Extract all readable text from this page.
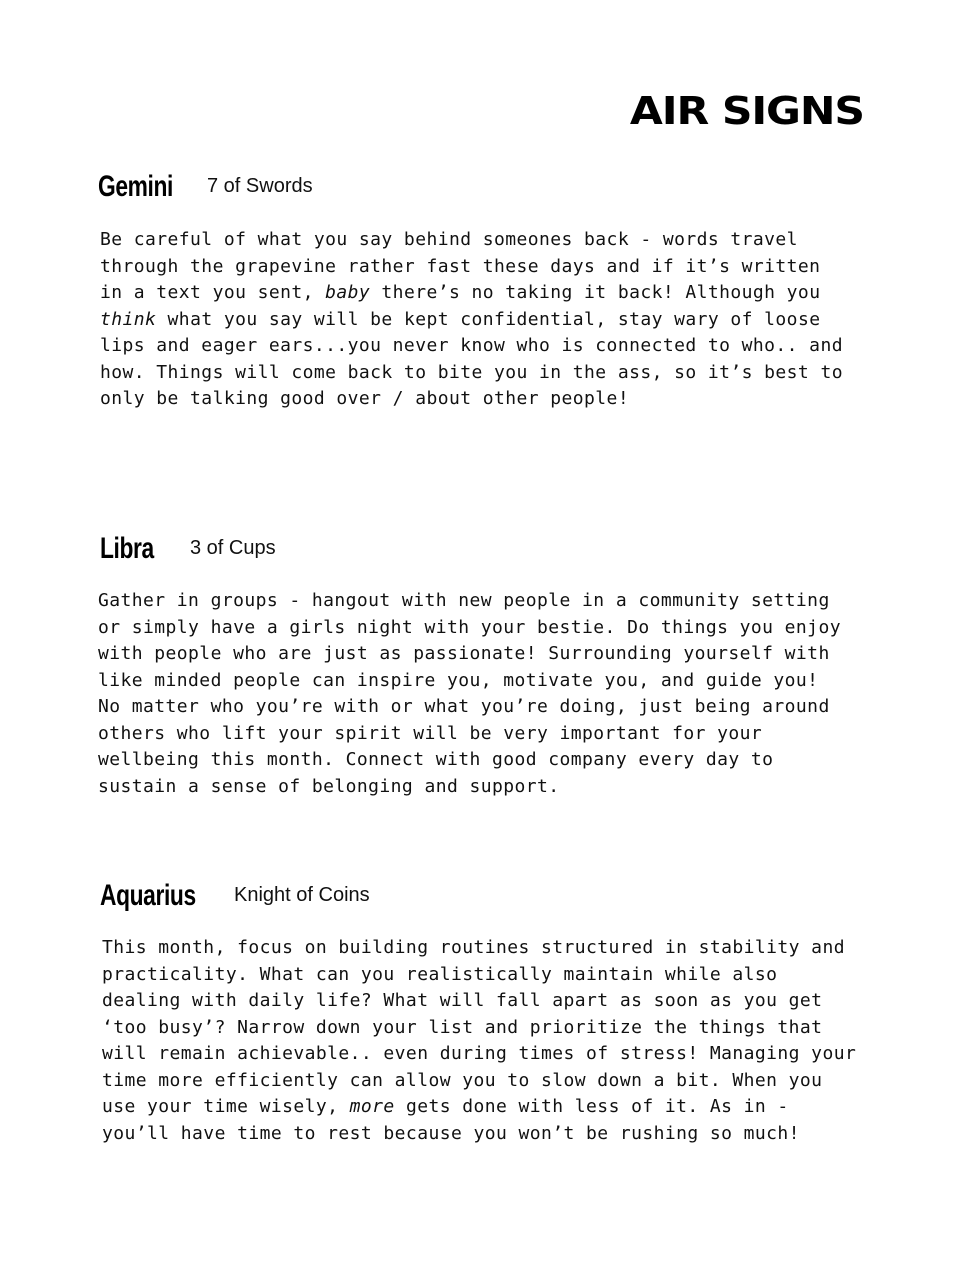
AIR SIGNS
Gemini 7 of Swords
Be careful of what you say behind someones back - words travel
through the grapevine rather fast these days and if it’s written
in a text you sent, baby there’s no taking it back! Although you
think what you say will be kept confidential, stay wary of loose
lips and eager ears...you never know who is connected to who.. and
how. Things will come back to bite you in the ass, so it’s best to
only be talking good over / about other people!
Libra 3 of Cups
Gather in groups - hangout with new people in a community setting
or simply have a girls night with your bestie. Do things you enjoy
with people who are just as passionate! Surrounding yourself with
like minded people can inspire you, motivate you, and guide you!
No matter who you’re with or what you’re doing, just being around
others who lift your spirit will be very important for your
wellbeing this month. Connect with good company every day to
sustain a sense of belonging and support.
Aquarius Knight of Coins
This month, focus on building routines structured in stability and
practicality. What can you realistically maintain while also
dealing with daily life? What will fall apart as soon as you get
‘too busy’? Narrow down your list and prioritize the things that
will remain achievable.. even during times of stress! Managing your
time more efficiently can allow you to slow down a bit. When you
use your time wisely, more gets done with less of it. As in -
you’ll have time to rest because you won’t be rushing so much!
